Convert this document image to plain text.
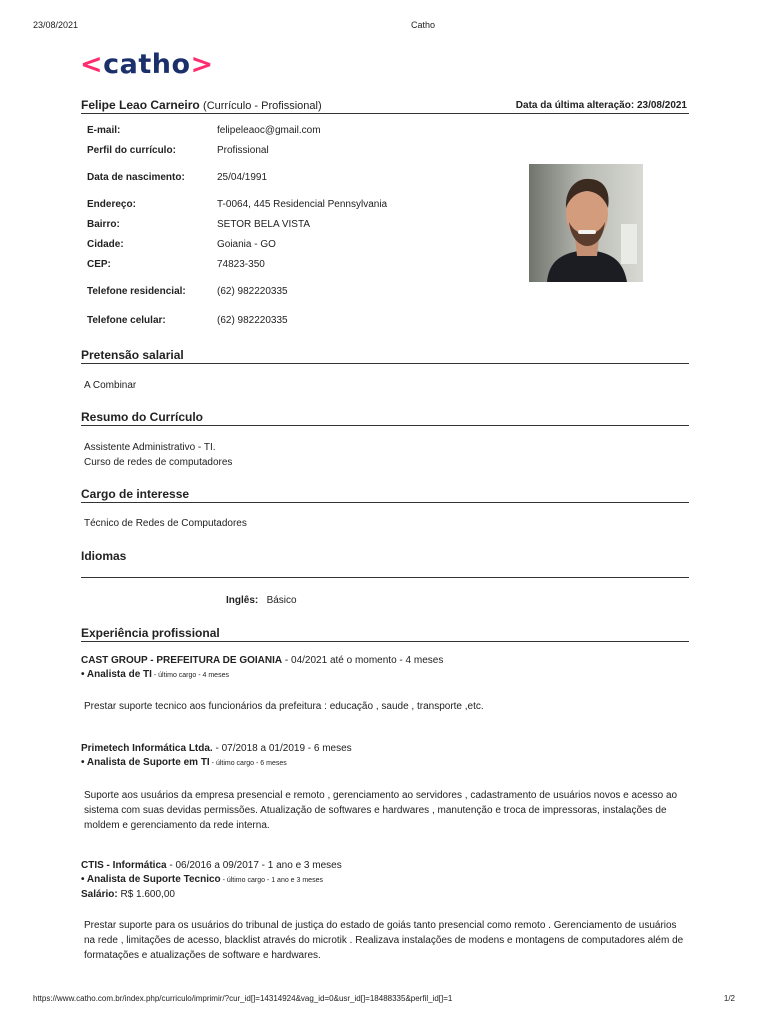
23/08/2021	Catho
<catho>
Felipe Leao Carneiro (Currículo - Profissional)	Data da última alteração: 23/08/2021
E-mail:	felipeleaoc@gmail.com
Perfil do currículo:	Profissional
Data de nascimento:	25/04/1991
Endereço:	T-0064, 445 Residencial Pennsylvania
Bairro:	SETOR BELA VISTA
Cidade:	Goiania - GO
CEP:	74823-350
Telefone residencial:	(62) 982220335
Telefone celular:	(62) 982220335
Pretensão salarial
A Combinar
Resumo do Currículo
Assistente Administrativo - TI.
Curso de redes de computadores
Cargo de interesse
Técnico de Redes de Computadores
Idiomas
Inglês: Básico
Experiência profissional
CAST GROUP - PREFEITURA DE GOIANIA - 04/2021 até o momento - 4 meses
• Analista de TI - último cargo - 4 meses
Prestar suporte tecnico aos funcionários da prefeitura : educação , saude , transporte ,etc.
Primetech Informática Ltda. - 07/2018 a 01/2019 - 6 meses
• Analista de Suporte em TI - último cargo - 6 meses
Suporte aos usuários da empresa presencial e remoto , gerenciamento ao servidores , cadastramento de usuários novos e acesso ao sistema com suas devidas permissões. Atualização de softwares e hardwares , manutenção e troca de impressoras, instalações de moldem e gerenciamento da rede interna.
CTIS - Informática - 06/2016 a 09/2017 - 1 ano e 3 meses
• Analista de Suporte Tecnico - último cargo - 1 ano e 3 meses
Salário: R$ 1.600,00
Prestar suporte para os usuários do tribunal de justiça do estado de goiás tanto presencial como remoto . Gerenciamento de usuários na rede , limitações de acesso, blacklist através do microtik . Realizava instalações de modens e montagens de computadores além de formatações e atualizações de software e hardwares.
https://www.catho.com.br/index.php/curriculo/imprimir/?cur_id[]=14314924&vag_id=0&usr_id[]=18488335&perfil_id[]=1	1/2
